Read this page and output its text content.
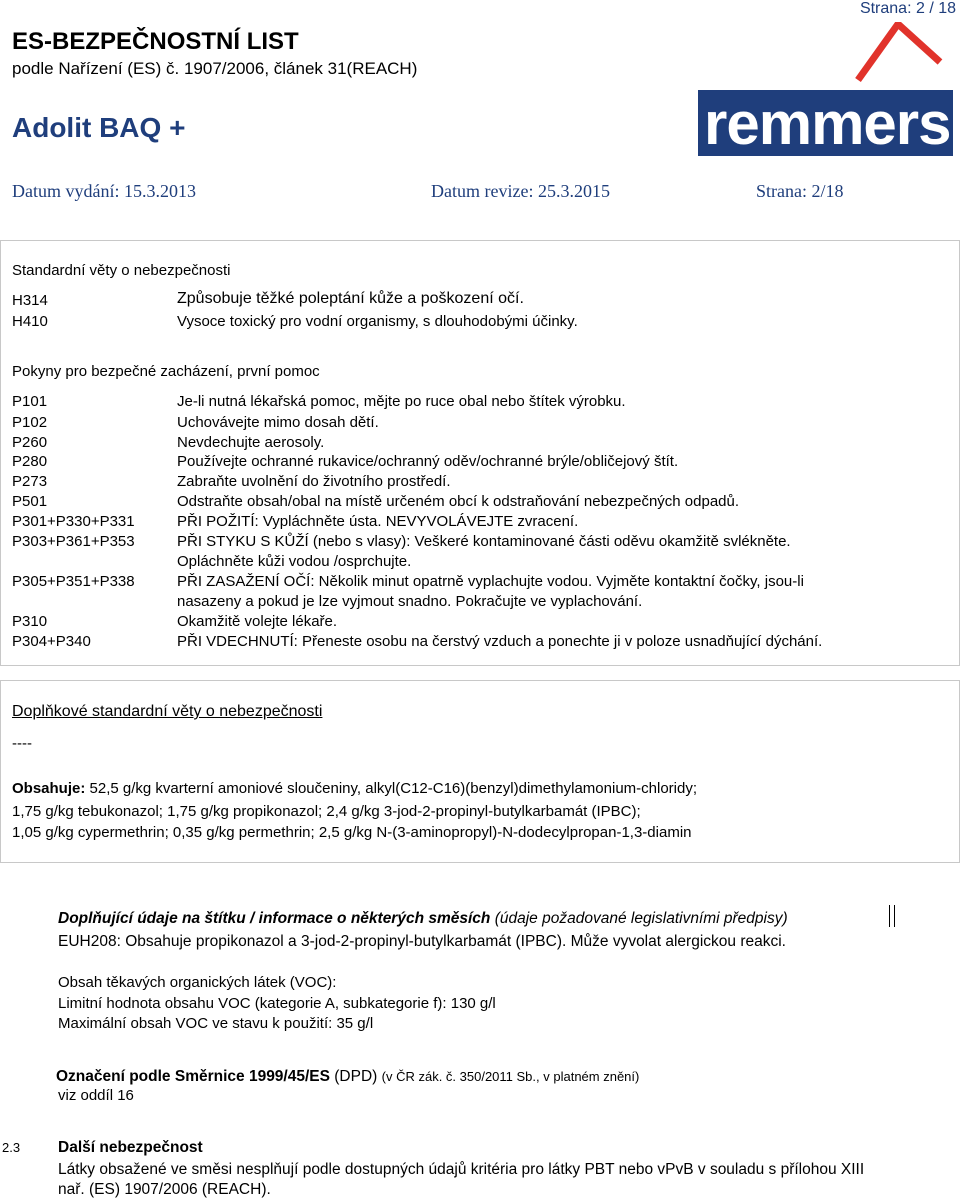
Strana: 2 / 18
ES-BEZPEČNOSTNÍ LIST
podle Nařízení (ES) č. 1907/2006, článek 31(REACH)
Adolit BAQ +	remmers
Datum vydání: 15.3.2013	Datum revize: 25.3.2015	Strana: 2/18
Standardní věty o nebezpečnosti
H314	Způsobuje těžké poleptání kůže a poškození očí.
H410	Vysoce toxický pro vodní organismy, s dlouhodobými účinky.
Pokyny pro bezpečné zacházení, první pomoc
P101	Je-li nutná lékařská pomoc, mějte po ruce obal nebo štítek výrobku.
P102	Uchovávejte mimo dosah dětí.
P260	Nevdechujte aerosoly.
P280	Používejte ochranné rukavice/ochranný oděv/ochranné brýle/obličejový štít.
P273	Zabraňte uvolnění do životního prostředí.
P501	Odstraňte obsah/obal na místě určeném obcí k odstraňování nebezpečných odpadů.
P301+P330+P331	PŘI POŽITÍ: Vypláchněte ústa. NEVYVOLÁVEJTE zvracení.
P303+P361+P353	PŘI STYKU S KŮŽÍ (nebo s vlasy): Veškeré kontaminované části oděvu okamžitě svlékněte.
Opláchněte kůži vodou /osprchujte.
P305+P351+P338	PŘI ZASAŽENÍ OČÍ: Několik minut opatrně vyplachujte vodou. Vyjměte kontaktní čočky, jsou-li
nasazeny a pokud je lze vyjmout snadno. Pokračujte ve vyplachování.
P310	Okamžitě volejte lékaře.
P304+P340	PŘI VDECHNUTÍ: Přeneste osobu na čerstvý vzduch a ponechte ji v poloze usnadňující dýchání.
Doplňkové standardní věty o nebezpečnosti
----
Obsahuje: 52,5 g/kg kvarterní amoniové sloučeniny, alkyl(C12-C16)(benzyl)dimethylamonium-chloridy;
1,75 g/kg tebukonazol; 1,75 g/kg propikonazol; 2,4 g/kg 3-jod-2-propinyl-butylkarbamát (IPBC);
1,05 g/kg cypermethrin; 0,35 g/kg permethrin; 2,5 g/kg N-(3-aminopropyl)-N-dodecylpropan-1,3-diamin
Doplňující údaje na štítku / informace o některých směsích (údaje požadované legislativními předpisy)
EUH208: Obsahuje propikonazol a 3-jod-2-propinyl-butylkarbamát (IPBC). Může vyvolat alergickou reakci.
Obsah těkavých organických látek (VOC):
Limitní hodnota obsahu VOC (kategorie A, subkategorie f): 130 g/l
Maximální obsah VOC ve stavu k použití: 35 g/l
Označení podle Směrnice 1999/45/ES (DPD) (v ČR zák. č. 350/2011 Sb., v platném znění)
viz oddíl 16
2.3 Další nebezpečnost
Látky obsažené ve směsi nesplňují podle dostupných údajů kritéria pro látky PBT nebo vPvB v souladu s přílohou XIII
nař. (ES) 1907/2006 (REACH).
